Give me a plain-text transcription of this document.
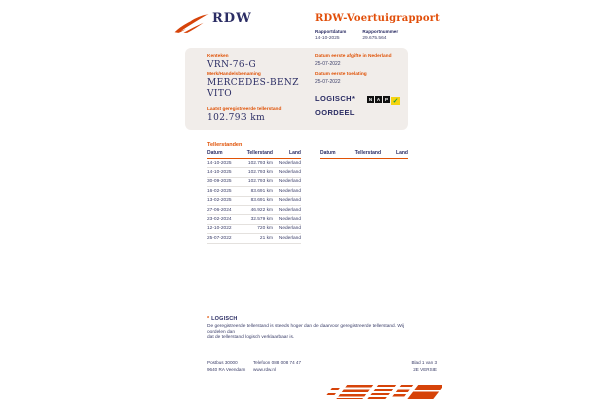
RDW	RDW-Voertuigrapport
Rapportdatum
14-10-2025
Rapportnummer
29.675.564
Kenteken
VRN-76-G
Merk/Handelsbenaming
MERCEDES-BENZ
VITO
Laatst geregistreerde tellerstand
102.793 km
Datum eerste afgifte in Nederland
25-07-2022
Datum eerste toelating
25-07-2022
LOGISCH*
OORDEEL
N	A	P ✓
Tellerstanden
Datum	Tellerstand	Land
14-10-2025	102.793 km	Nederland
14-10-2025	102.793 km	Nederland
30-09-2025	102.793 km	Nederland
16-02-2025	83.691 km	Nederland
13-02-2025	83.691 km	Nederland
27-06-2024	46.922 km	Nederland
23-02-2024	32.579 km	Nederland
12-10-2022	720 km	Nederland
25-07-2022	21 km	Nederland
Datum	Tellerstand	Land
* LOGISCH
De geregistreerde tellerstand is steeds hoger dan de daarvoor geregistreerde tellerstand. Wij oordelen dan
dat de tellerstand logisch verklaarbaar is.
Postbus 30000
9640 RA Veendam
Telefoon 088 008 74 47
www.rdw.nl
Blad 1 van 3
2E VERSIE
